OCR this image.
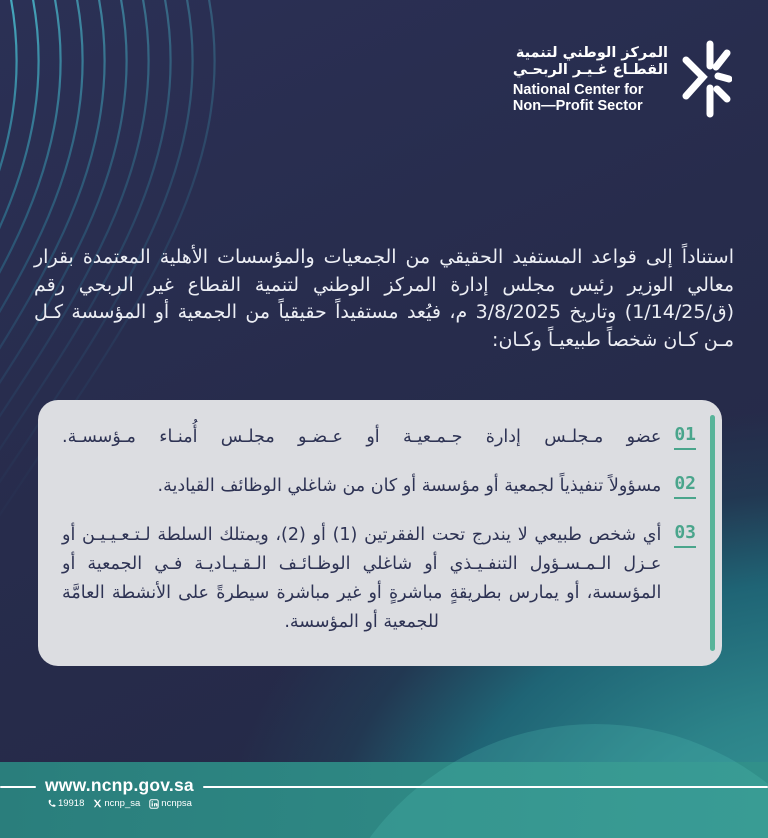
المركز الوطني لتنمية
القطـاع غـيـر الربحـي
National Center for
Non—Profit Sector

استناداً إلى قواعد المستفيد الحقيقي من الجمعيات والمؤسسات الأهلية المعتمدة بقرار معالي الوزير رئيس مجلس إدارة المركز الوطني لتنمية القطاع غير الربحي رقم (ق/1/14/25) وتاريخ 3/8/2025 م، فيُعد مستفيداً حقيقياً من الجمعية أو المؤسسة كـل مـن كـان شخصاً طبيعيـاً وكـان:

01

عضو مـجلـس إدارة جـمـعيـة أو عـضـو مجلـس أُمنـاء مـؤسسـة.

02

مسؤولاً تنفيذياً لجمعية أو مؤسسة أو كان من شاغلي الوظائف القيادية.

03

أي شخص طبيعي لا يندرج تحت الفقرتين (1) أو (2)، ويمتلك السلطة لـتـعـيـيـن أو عـزل الـمـسـؤول التنفـيـذي أو شاغلي الوظـائـف الـقـيـاديـة فـي الجمعية أو المؤسسة، أو يمارس بطريقةٍ مباشرةٍ أو غير مباشرة سيطرةً على الأنشطة العامَّة للجمعية أو المؤسسة.

www.ncnp.gov.sa
19918 ncnp_sa ncnpsa
